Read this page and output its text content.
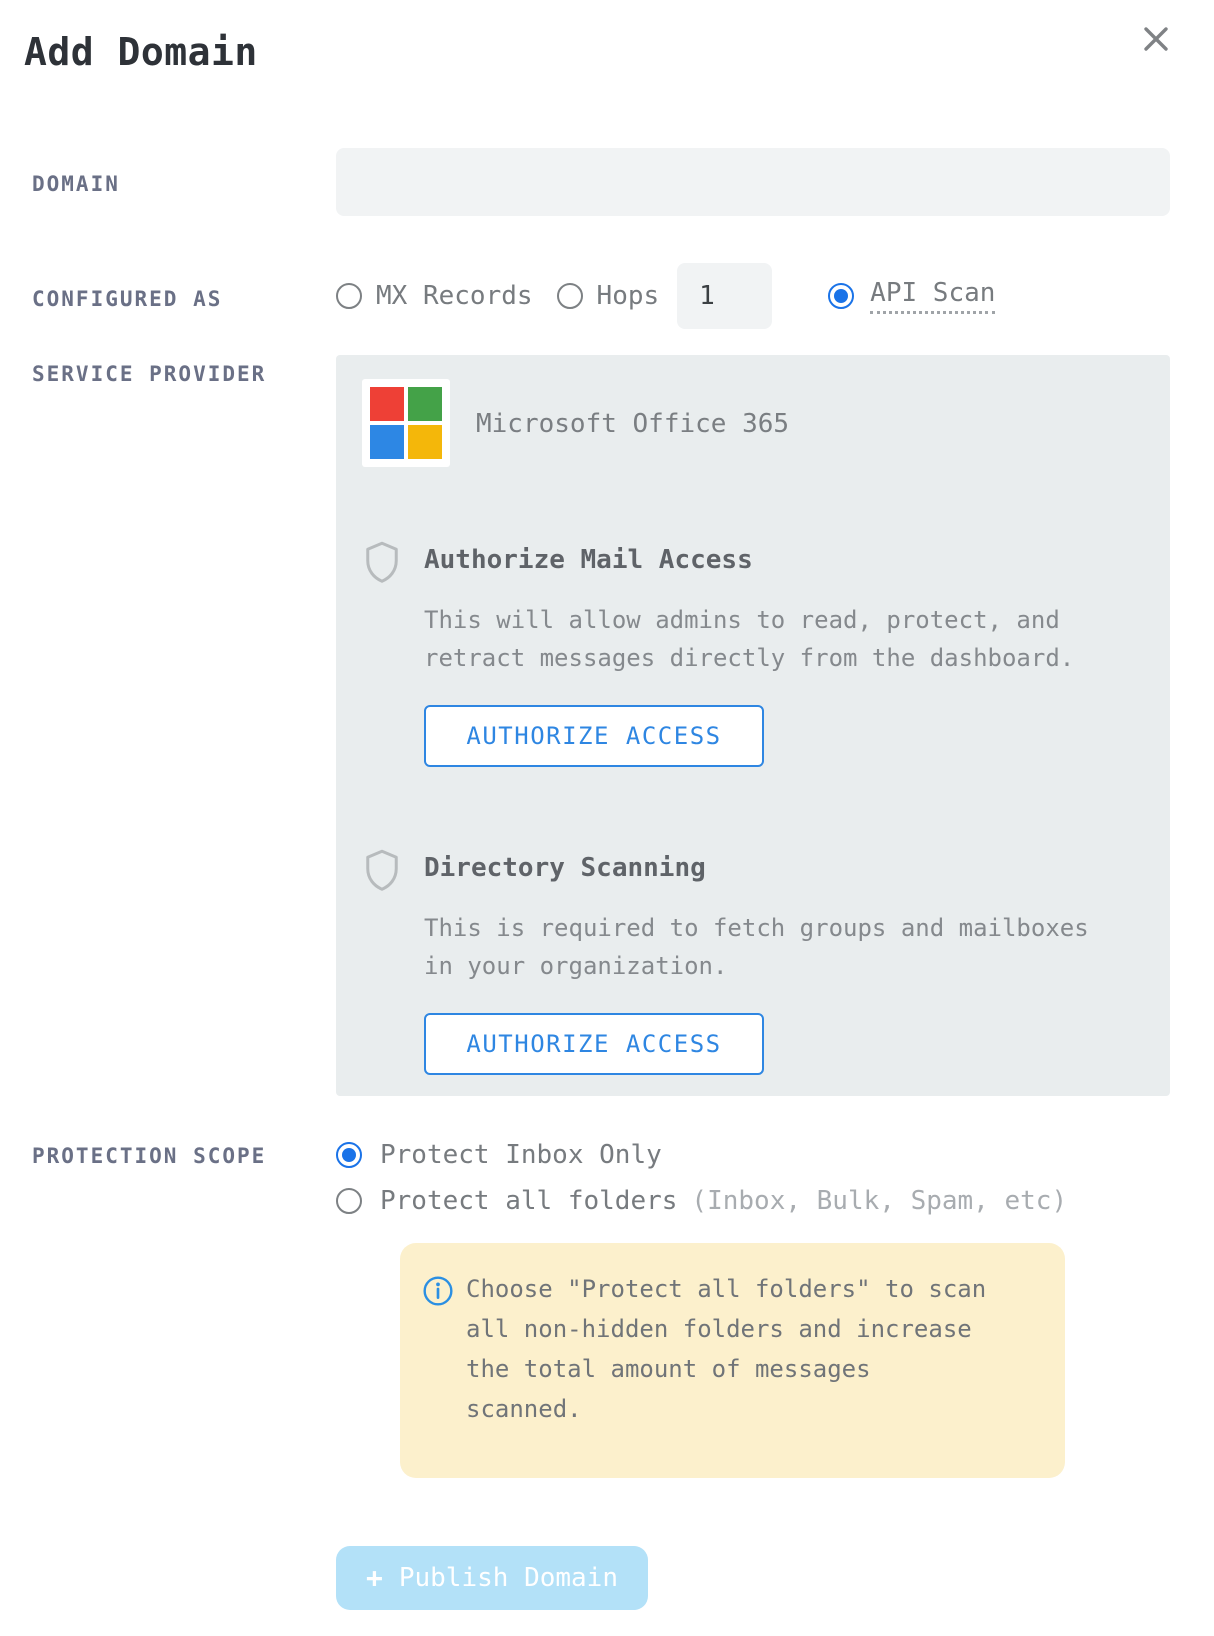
Add Domain
DOMAIN
CONFIGURED AS	MX Records Hops
1	API Scan
SERVICE PROVIDER
Microsoft Office 365
Authorize Mail Access
This will allow admins to read, protect, and retract messages directly from the dashboard.
AUTHORIZE ACCESS
Directory Scanning
This is required to fetch groups and mailboxes in your organization.
AUTHORIZE ACCESS
PROTECTION SCOPE	Protect Inbox Only
Protect all folders (Inbox, Bulk, Spam, etc)
Choose "Protect all folders" to scan all non-hidden folders and increase the total amount of messages scanned.
+ Publish Domain
